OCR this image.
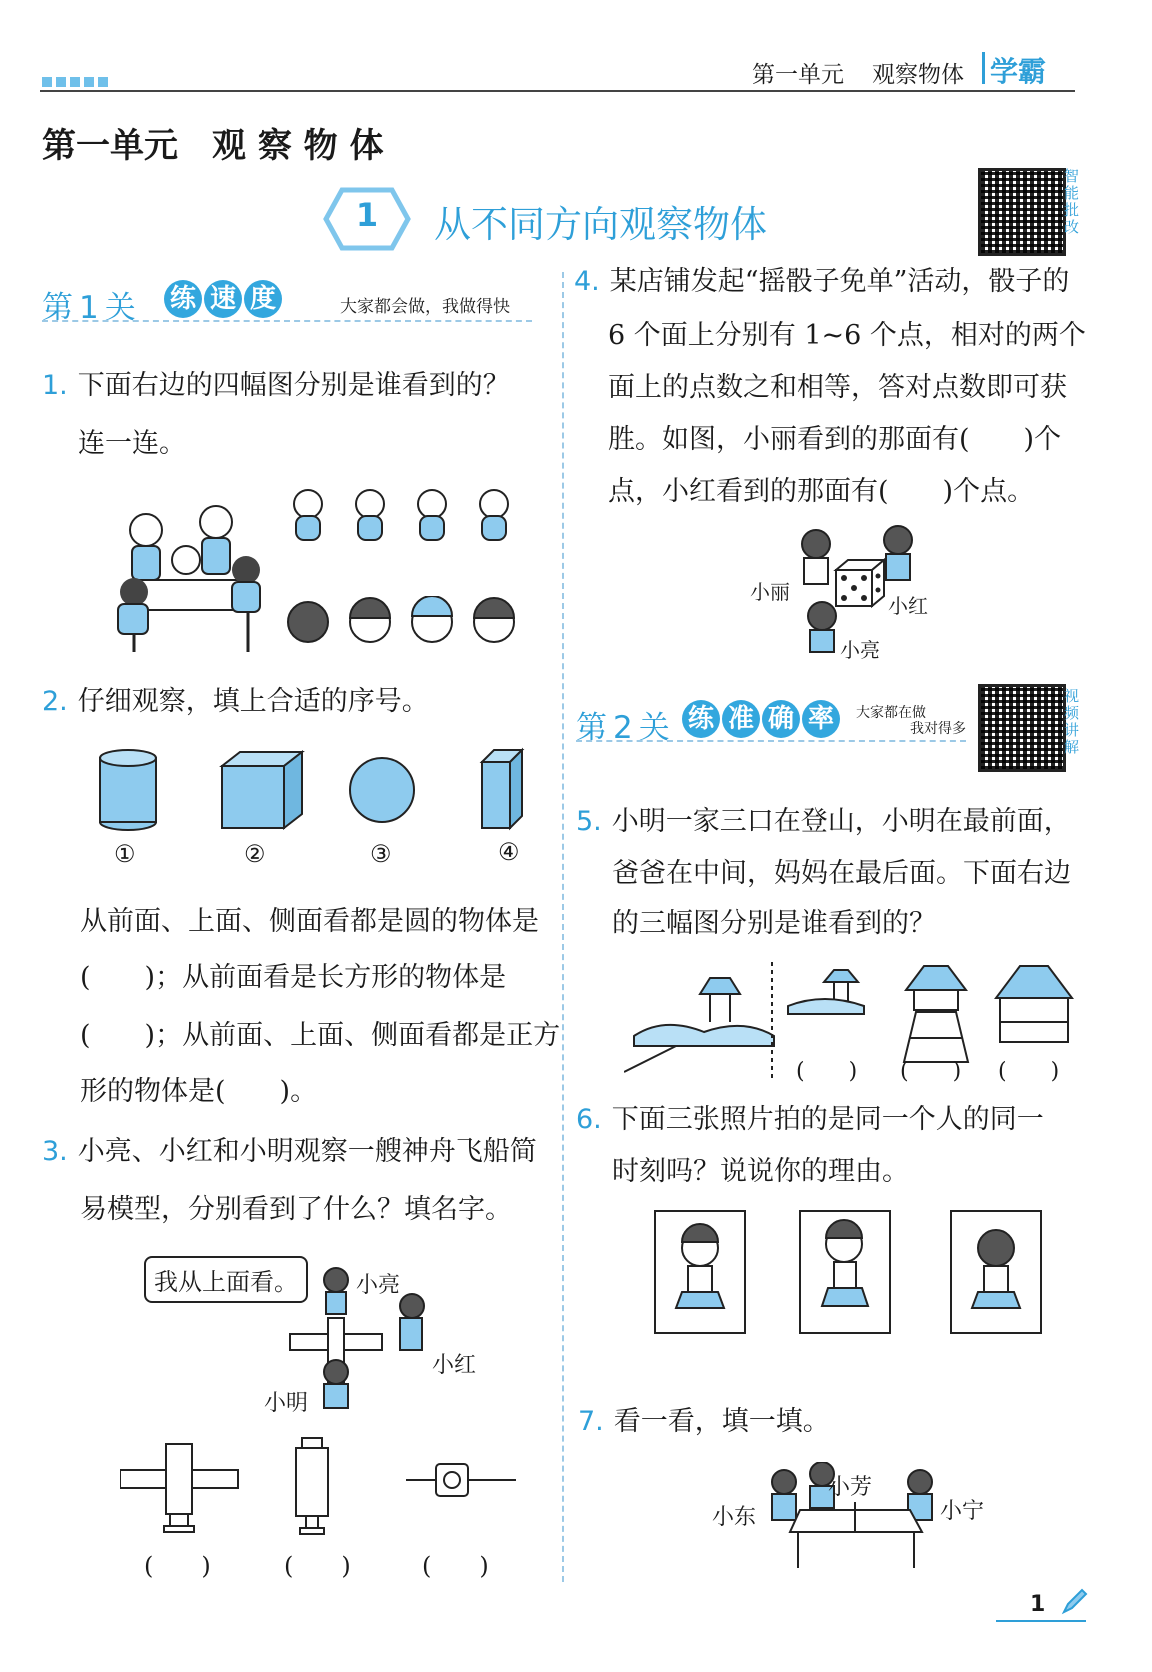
第一单元 观察物体 学霸
第一单元　观 察 物 体
1	从不同方向观察物体
智能批改
第 1 关 练 速 度	大家都会做，我做得快
1. 下面右边的四幅图分别是谁看到的？
连一连。
2. 仔细观察，填上合适的序号。
①	②	③	④
从前面、上面、侧面看都是圆的物体是
(　　)；从前面看是长方形的物体是
(　　)；从前面、上面、侧面看都是正方
形的物体是(　　)。
3. 小亮、小红和小明观察一艘神舟飞船简
易模型，分别看到了什么？填名字。
我从上面看。	小亮
小红
小明
(　　)	(　　)	(　　)
4. 某店铺发起“摇骰子免单”活动，骰子的
6 个面上分别有 1~6 个点，相对的两个
面上的点数之和相等，答对点数即可获
胜。如图，小丽看到的那面有(　　)个
点，小红看到的那面有(　　)个点。
小丽
小红
小亮
第 2 关 练 准 确 率	大家都在做
我对得多
视频讲解
5. 小明一家三口在登山，小明在最前面，
爸爸在中间，妈妈在最后面。下面右边
的三幅图分别是谁看到的？
(　　) (　　) (　　)
6. 下面三张照片拍的是同一个人的同一
时刻吗？说说你的理由。
7. 看一看，填一填。
小东
小芳
小宁
1
